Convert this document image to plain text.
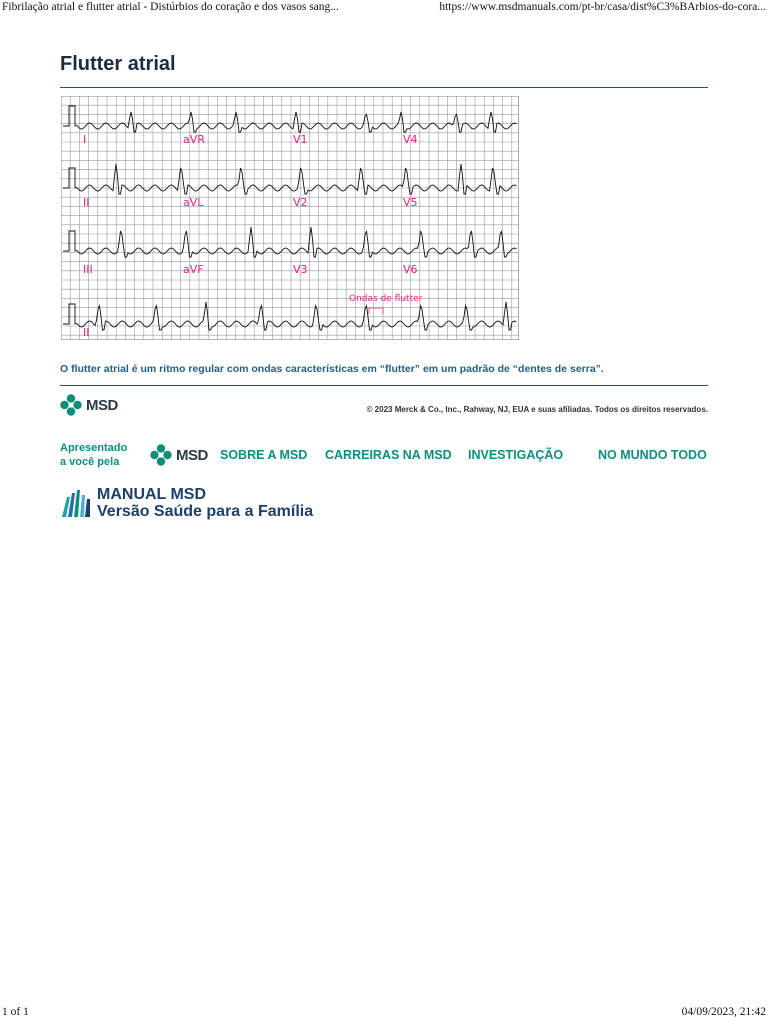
Fibrilação atrial e flutter atrial - Distúrbios do coração e dos vasos sang...	https://www.msdmanuals.com/pt-br/casa/dist%C3%BArbios-do-cora...
Flutter atrial
I	aVR	V1	V4
II	aVL	V2	V5
III	aVF	V3	V6
II
Ondas de flutter

O flutter atrial é um ritmo regular com ondas características em “flutter” em um padrão de “dentes de serra”.

MSD	© 2023 Merck & Co., Inc., Rahway, NJ, EUA e suas afiliadas. Todos os direitos reservados.
Apresentado
a você pela	MSD SOBRE A MSD CARREIRAS NA MSD INVESTIGAÇÃO	NO MUNDO TODO
MANUAL MSD
Versão Saúde para a Família
1 of 1	04/09/2023, 21:42
